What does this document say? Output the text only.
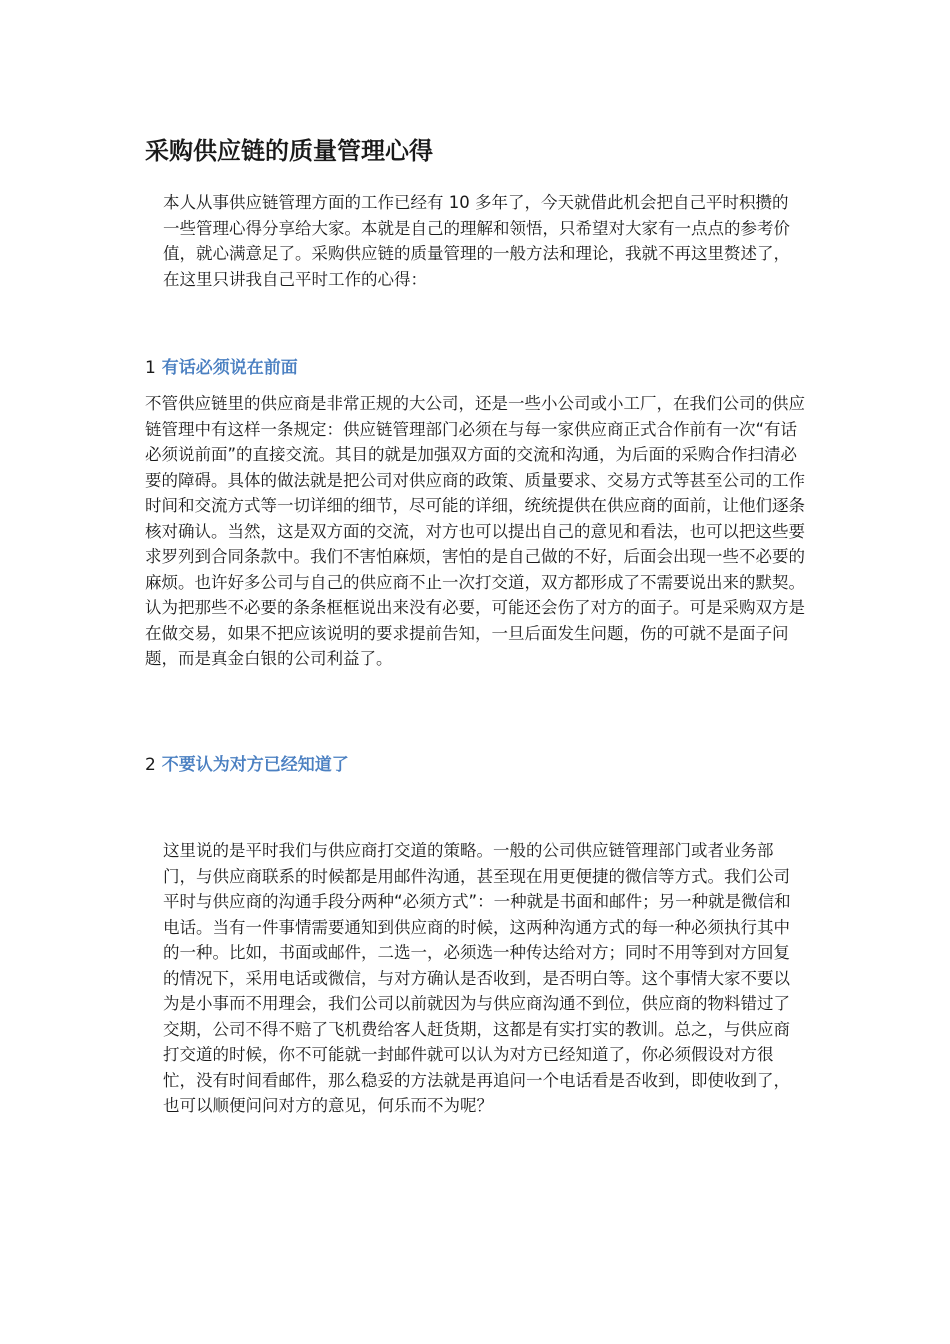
采购供应链的质量管理心得

本人从事供应链管理方面的工作已经有 10 多年了，今天就借此机会把自己平时积攒的一些管理心得分享给大家。本就是自己的理解和领悟，只希望对大家有一点点的参考价值，就心满意足了。采购供应链的质量管理的一般方法和理论，我就不再这里赘述了，在这里只讲我自己平时工作的心得：

1 有话必须说在前面

不管供应链里的供应商是非常正规的大公司，还是一些小公司或小工厂，在我们公司的供应链管理中有这样一条规定：供应链管理部门必须在与每一家供应商正式合作前有一次“有话必须说前面”的直接交流。其目的就是加强双方面的交流和沟通，为后面的采购合作扫清必要的障碍。具体的做法就是把公司对供应商的政策、质量要求、交易方式等甚至公司的工作时间和交流方式等一切详细的细节，尽可能的详细，统统提供在供应商的面前，让他们逐条核对确认。当然，这是双方面的交流，对方也可以提出自己的意见和看法，也可以把这些要求罗列到合同条款中。我们不害怕麻烦，害怕的是自己做的不好，后面会出现一些不必要的麻烦。也许好多公司与自己的供应商不止一次打交道，双方都形成了不需要说出来的默契。认为把那些不必要的条条框框说出来没有必要，可能还会伤了对方的面子。可是采购双方是在做交易，如果不把应该说明的要求提前告知，一旦后面发生问题，伤的可就不是面子问题，而是真金白银的公司利益了。

2 不要认为对方已经知道了

这里说的是平时我们与供应商打交道的策略。一般的公司供应链管理部门或者业务部门，与供应商联系的时候都是用邮件沟通，甚至现在用更便捷的微信等方式。我们公司平时与供应商的沟通手段分两种“必须方式”：一种就是书面和邮件；另一种就是微信和电话。当有一件事情需要通知到供应商的时候，这两种沟通方式的每一种必须执行其中的一种。比如，书面或邮件，二选一，必须选一种传达给对方；同时不用等到对方回复的情况下，采用电话或微信，与对方确认是否收到，是否明白等。这个事情大家不要以为是小事而不用理会，我们公司以前就因为与供应商沟通不到位，供应商的物料错过了交期，公司不得不赔了飞机费给客人赶货期，这都是有实打实的教训。总之，与供应商打交道的时候，你不可能就一封邮件就可以认为对方已经知道了，你必须假设对方很忙，没有时间看邮件，那么稳妥的方法就是再追问一个电话看是否收到，即使收到了，也可以顺便问问对方的意见，何乐而不为呢？
